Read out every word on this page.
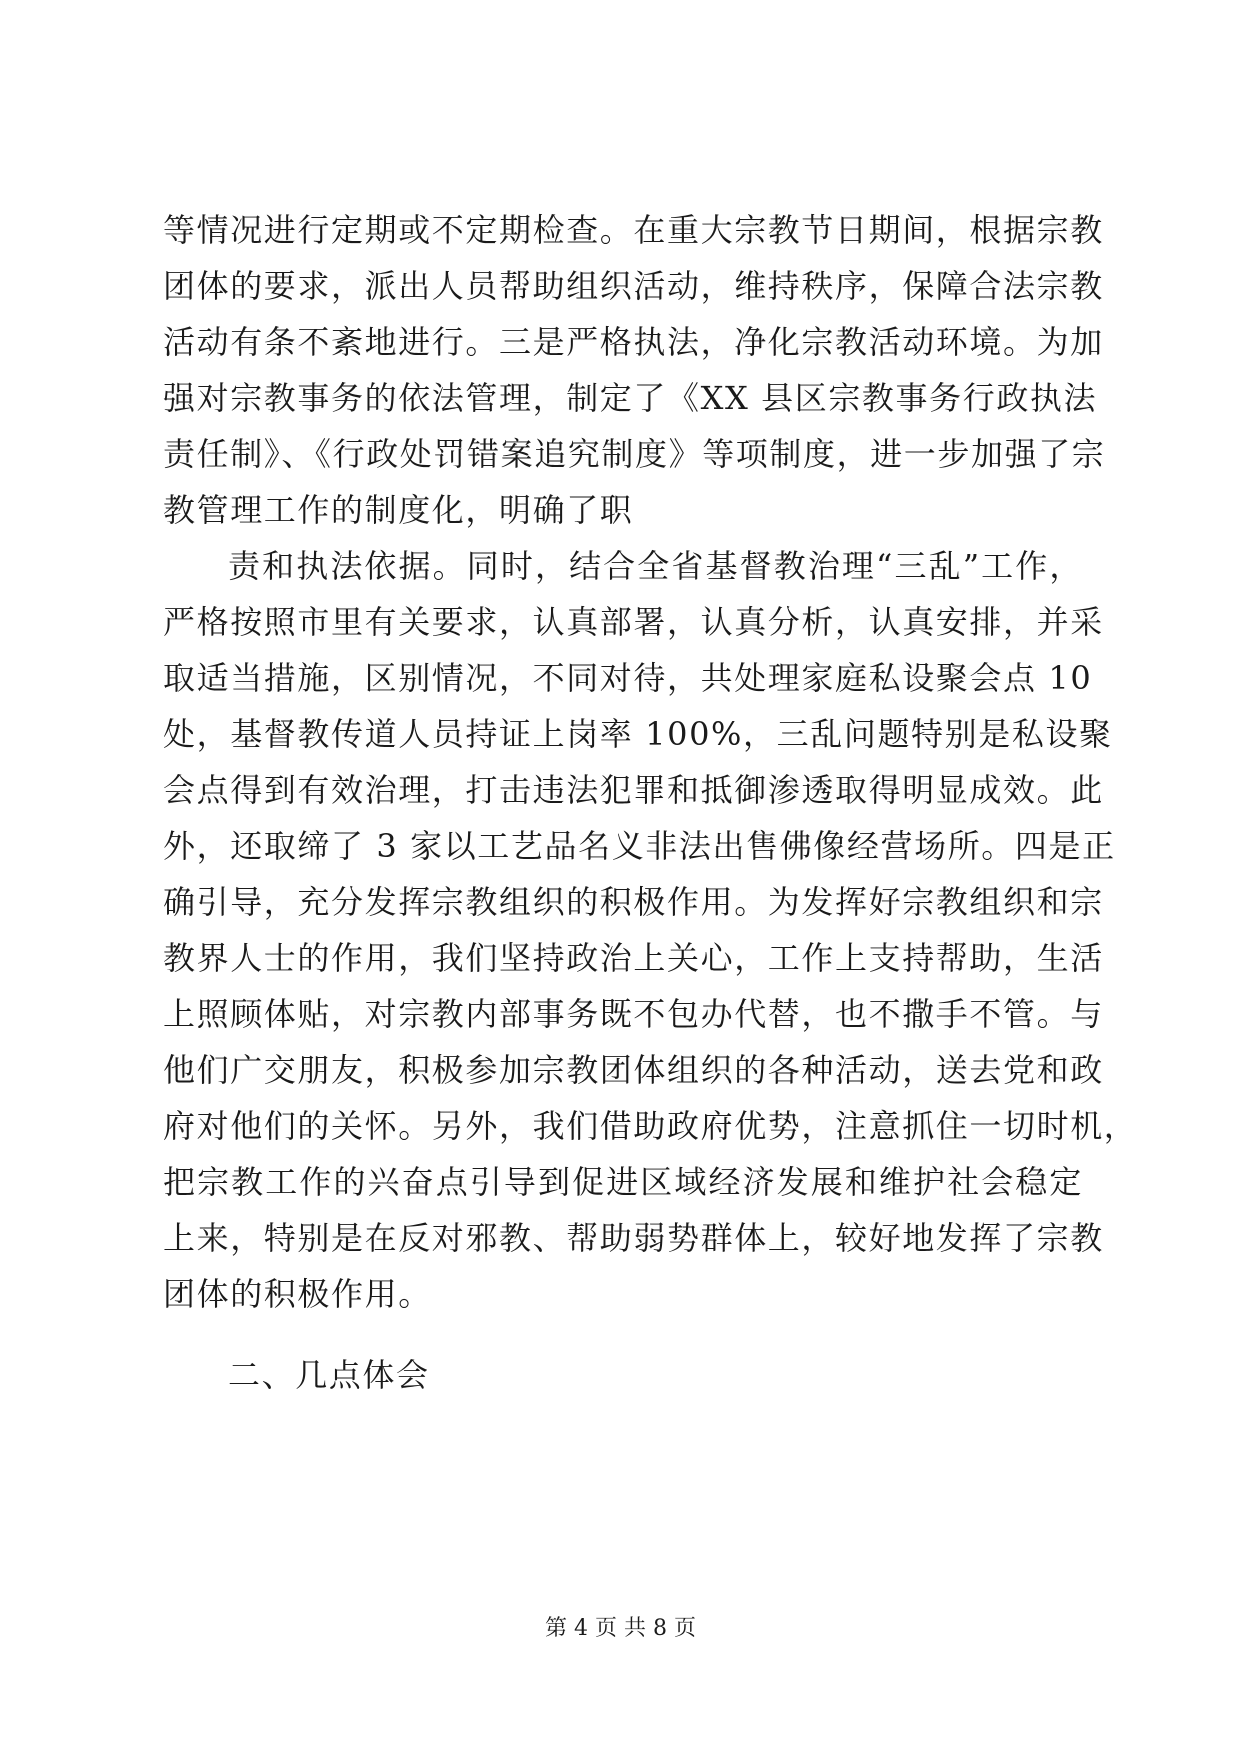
等情况进行定期或不定期检查。在重大宗教节日期间，根据宗教
团体的要求，派出人员帮助组织活动，维持秩序，保障合法宗教
活动有条不紊地进行。三是严格执法，净化宗教活动环境。为加
强对宗教事务的依法管理，制定了《XX 县区宗教事务行政执法
责任制》、《行政处罚错案追究制度》等项制度，进一步加强了宗
教管理工作的制度化，明确了职
责和执法依据。同时，结合全省基督教治理“三乱”工作，
严格按照市里有关要求，认真部署，认真分析，认真安排，并采
取适当措施，区别情况，不同对待，共处理家庭私设聚会点 10
处，基督教传道人员持证上岗率 100%，三乱问题特别是私设聚
会点得到有效治理，打击违法犯罪和抵御渗透取得明显成效。此
外，还取缔了 3 家以工艺品名义非法出售佛像经营场所。四是正
确引导，充分发挥宗教组织的积极作用。为发挥好宗教组织和宗
教界人士的作用，我们坚持政治上关心，工作上支持帮助，生活
上照顾体贴，对宗教内部事务既不包办代替，也不撒手不管。与
他们广交朋友，积极参加宗教团体组织的各种活动，送去党和政
府对他们的关怀。另外，我们借助政府优势，注意抓住一切时机，
把宗教工作的兴奋点引导到促进区域经济发展和维护社会稳定
上来，特别是在反对邪教、帮助弱势群体上，较好地发挥了宗教
团体的积极作用。
二、几点体会
第 4 页 共 8 页
